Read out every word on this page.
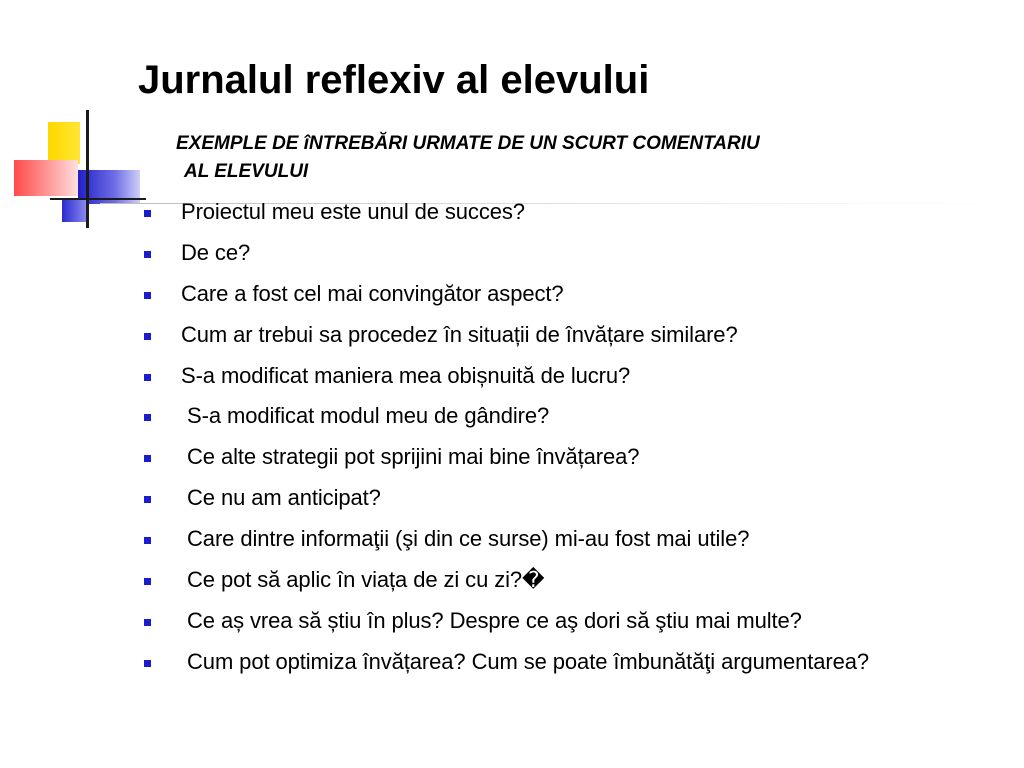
Jurnalul reflexiv al elevului

EXEMPLE DE îNTREBĂRI URMATE DE UN SCURT COMENTARIU
AL ELEVULUI

Proiectul meu este unul de succes?
De ce?
Care a fost cel mai convingător aspect?
Cum ar trebui sa procedez în situații de învățare similare?
S-a modificat maniera mea obișnuită de lucru?
S-a modificat modul meu de gândire?
Ce alte strategii pot sprijini mai bine învățarea?
Ce nu am anticipat?
Care dintre informaţii (şi din ce surse) mi-au fost mai utile?
Ce pot să aplic în viața de zi cu zi?�
Ce aș vrea să știu în plus? Despre ce aş dori să ştiu mai multe?
Cum pot optimiza învățarea? Cum se poate îmbunătăţi argumentarea?
